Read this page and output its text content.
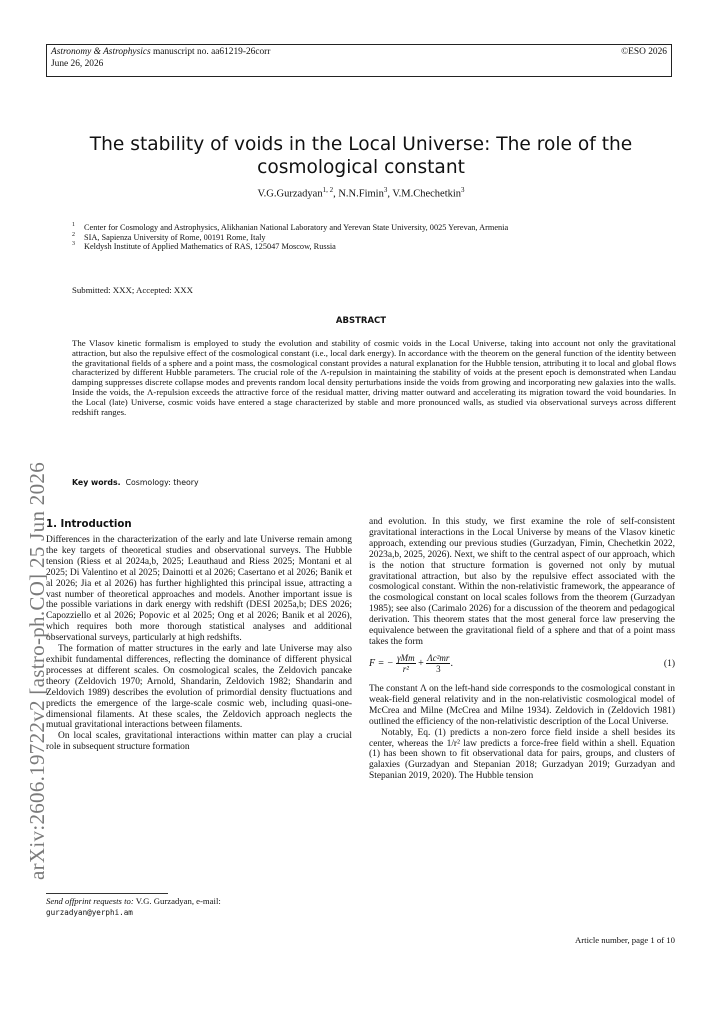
Astronomy & Astrophysics manuscript no. aa61219-26corr
June 26, 2026
©ESO 2026
The stability of voids in the Local Universe: The role of the
cosmological constant
V.G.Gurzadyan$^{1, 2}$, N.N.Fimin$^3$, V.M.Chechetkin$^3$
1 Center for Cosmology and Astrophysics, Alikhanian National Laboratory and Yerevan State University, 0025 Yerevan, Armenia
2 SIA, Sapienza University of Rome, 00191 Rome, Italy
3 Keldysh Institute of Applied Mathematics of RAS, 125047 Moscow, Russia
Submitted: XXX; Accepted: XXX
ABSTRACT
The Vlasov kinetic formalism is employed to study the evolution and stability of cosmic voids in the Local Universe, taking into account not only the gravitational attraction, but also the repulsive effect of the cosmological constant (i.e., local dark energy). In accordance with the theorem on the general function of the identity between the gravitational fields of a sphere and a point mass, the cosmological constant provides a natural explanation for the Hubble tension, attributing it to local and global flows characterized by different Hubble parameters. The crucial role of the Λ-repulsion in maintaining the stability of voids at the present epoch is demonstrated when Landau damping suppresses discrete collapse modes and prevents random local density perturbations inside the voids from growing and incorporating new galaxies into the walls. Inside the voids, the Λ-repulsion exceeds the attractive force of the residual matter, driving matter outward and accelerating its migration toward the void boundaries. In the Local (late) Universe, cosmic voids have entered a stage characterized by stable and more pronounced walls, as studied via observational surveys across different redshift ranges.
Key words. Cosmology: theory
arXiv:2606.19722v2 [astro-ph.CO] 25 Jun 2026
1. Introduction

Differences in the characterization of the early and late Universe remain among the key targets of theoretical studies and observational surveys. The Hubble tension (Riess et al 2024a,b, 2025; Leauthaud and Riess 2025; Montani et al 2025; Di Valentino et al 2025; Dainotti et al 2026; Casertano et al 2026; Banik et al 2026; Jia et al 2026) has further highlighted this principal issue, attracting a vast number of theoretical approaches and models. Another important issue is the possible variations in dark energy with redshift (DESI 2025a,b; DES 2026; Capozziello et al 2026; Popovic et al 2025; Ong et al 2026; Banik et al 2026), which requires both more thorough statistical analyses and additional observational surveys, particularly at high redshifts.

The formation of matter structures in the early and late Universe may also exhibit fundamental differences, reflecting the dominance of different physical processes at different scales. On cosmological scales, the Zeldovich pancake theory (Zeldovich 1970; Arnold, Shandarin, Zeldovich 1982; Shandarin and Zeldovich 1989) describes the evolution of primordial density fluctuations and predicts the emergence of the large-scale cosmic web, including quasi-one-dimensional filaments. At these scales, the Zeldovich approach neglects the mutual gravitational interactions between filaments.

On local scales, gravitational interactions within matter can play a crucial role in subsequent structure formation

Send offprint requests to: V.G. Gurzadyan, e-mail:
gurzadyan@yerphi.am

and evolution. In this study, we first examine the role of self-consistent gravitational interactions in the Local Universe by means of the Vlasov kinetic approach, extending our previous studies (Gurzadyan, Fimin, Chechetkin 2022, 2023a,b, 2025, 2026). Next, we shift to the central aspect of our approach, which is the notion that structure formation is governed not only by mutual gravitational attraction, but also by the repulsive effect associated with the cosmological constant. Within the non-relativistic framework, the appearance of the cosmological constant on local scales follows from the theorem (Gurzadyan 1985); see also (Carimalo 2026) for a discussion of the theorem and pedagogical derivation. This theorem states that the most general force law preserving the equivalence between the gravitational field of a sphere and that of a point mass takes the form

F = − $\frac{\text{γMm}}{\text{r²}} + \frac{\text{Λc²mr}}{3}$ .	(1)

The constant Λ on the left-hand side corresponds to the cosmological constant in weak-field general relativity and in the non-relativistic cosmological model of McCrea and Milne (McCrea and Milne 1934). Zeldovich in (Zeldovich 1981) outlined the efficiency of the non-relativistic description of the Local Universe.

Notably, Eq. (1) predicts a non-zero force field inside a shell besides its center, whereas the 1/r² law predicts a force-free field within a shell. Equation (1) has been shown to fit observational data for pairs, groups, and clusters of galaxies (Gurzadyan and Stepanian 2018; Gurzadyan 2019; Gurzadyan and Stepanian 2019, 2020). The Hubble tension

Article number, page 1 of 10
